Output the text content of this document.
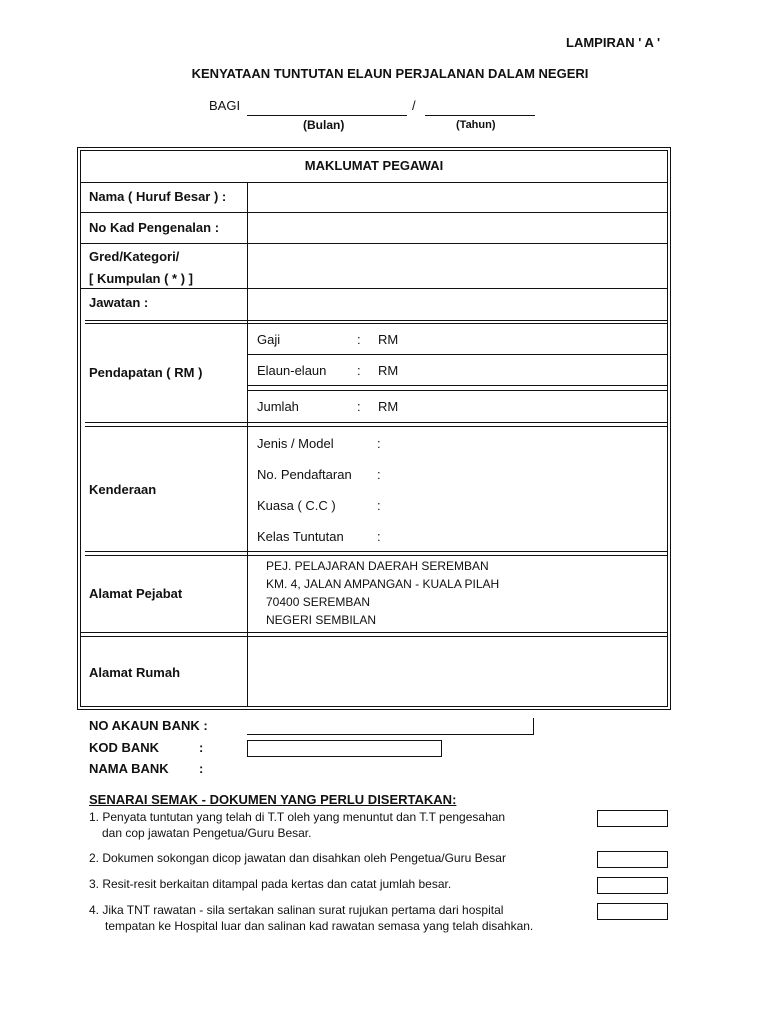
LAMPIRAN ' A '
KENYATAAN TUNTUTAN ELAUN PERJALANAN DALAM NEGERI
BAGI	/
(Bulan)	(Tahun)
MAKLUMAT PEGAWAI
Nama ( Huruf Besar ) :
No Kad Pengenalan :
Gred/Kategori/
[ Kumpulan ( * ) ]
Jawatan :
Pendapatan ( RM )
Gaji	: RM
Elaun-elaun : RM
Jumlah	: RM
Kenderaan
Jenis / Model	:
No. Pendaftaran :
Kuasa ( C.C )	:
Kelas Tuntutan	:
Alamat Pejabat
PEJ. PELAJARAN DAERAH SEREMBAN
KM. 4, JALAN AMPANGAN - KUALA PILAH
70400 SEREMBAN
NEGERI SEMBILAN
Alamat Rumah
NO AKAUN BANK :
KOD BANK	:
NAMA BANK :
SENARAI SEMAK - DOKUMEN YANG PERLU DISERTAKAN:
1. Penyata tuntutan yang telah di T.T oleh yang menuntut dan T.T pengesahan
dan cop jawatan Pengetua/Guru Besar.
2. Dokumen sokongan dicop jawatan dan disahkan oleh Pengetua/Guru Besar
3. Resit-resit berkaitan ditampal pada kertas dan catat jumlah besar.
4. Jika TNT rawatan - sila sertakan salinan surat rujukan pertama dari hospital
tempatan ke Hospital luar dan salinan kad rawatan semasa yang telah disahkan.
